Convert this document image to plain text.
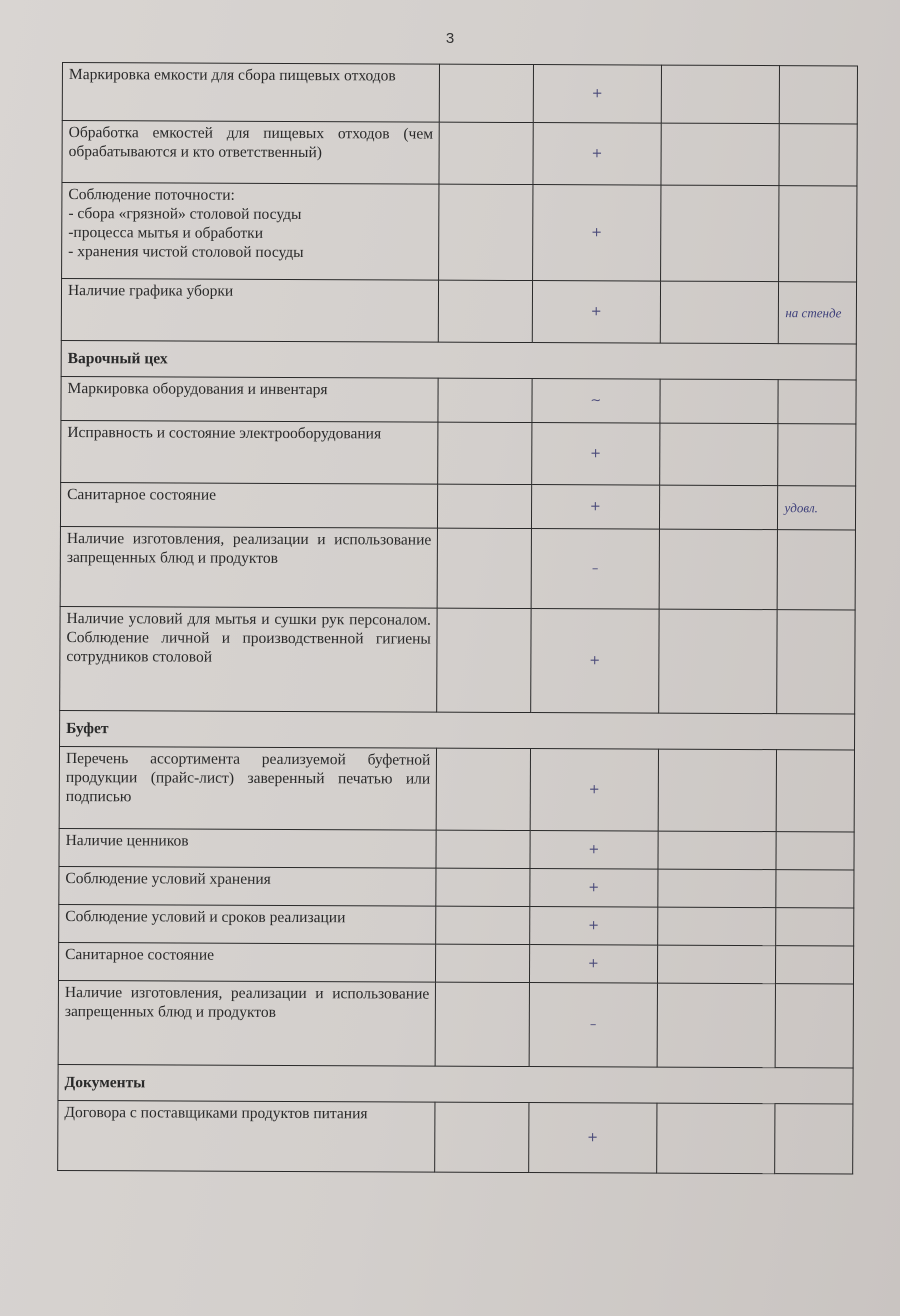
3
Маркировка емкости для сбора пищевых отходов		+		
Обработка емкостей для пищевых отходов (чем обрабатываются и кто ответственный)		+		
Соблюдение поточности:
- сбора «грязной» столовой посуды
-процесса мытья и обработки
- хранения чистой столовой посуды		+		
Наличие графика уборки		+		на стенде
Варочный цех				
Маркировка оборудования и инвентаря		~		
Исправность и состояние электрооборудования		+		
Санитарное состояние		+		удовл.
Наличие изготовления, реализации и использование запрещенных блюд и продуктов		–		
Наличие условий для мытья и сушки рук персоналом. Соблюдение личной и производственной гигиены сотрудников столовой		+		
Буфет				
Перечень ассортимента реализуемой буфетной продукции (прайс-лист) заверенный печатью или подписью		+		
Наличие ценников		+		
Соблюдение условий хранения		+		
Соблюдение условий и сроков реализации		+		
Санитарное состояние		+		
Наличие изготовления, реализации и использование запрещенных блюд и продуктов		–		
Документы				
Договора с поставщиками продуктов питания		+		
